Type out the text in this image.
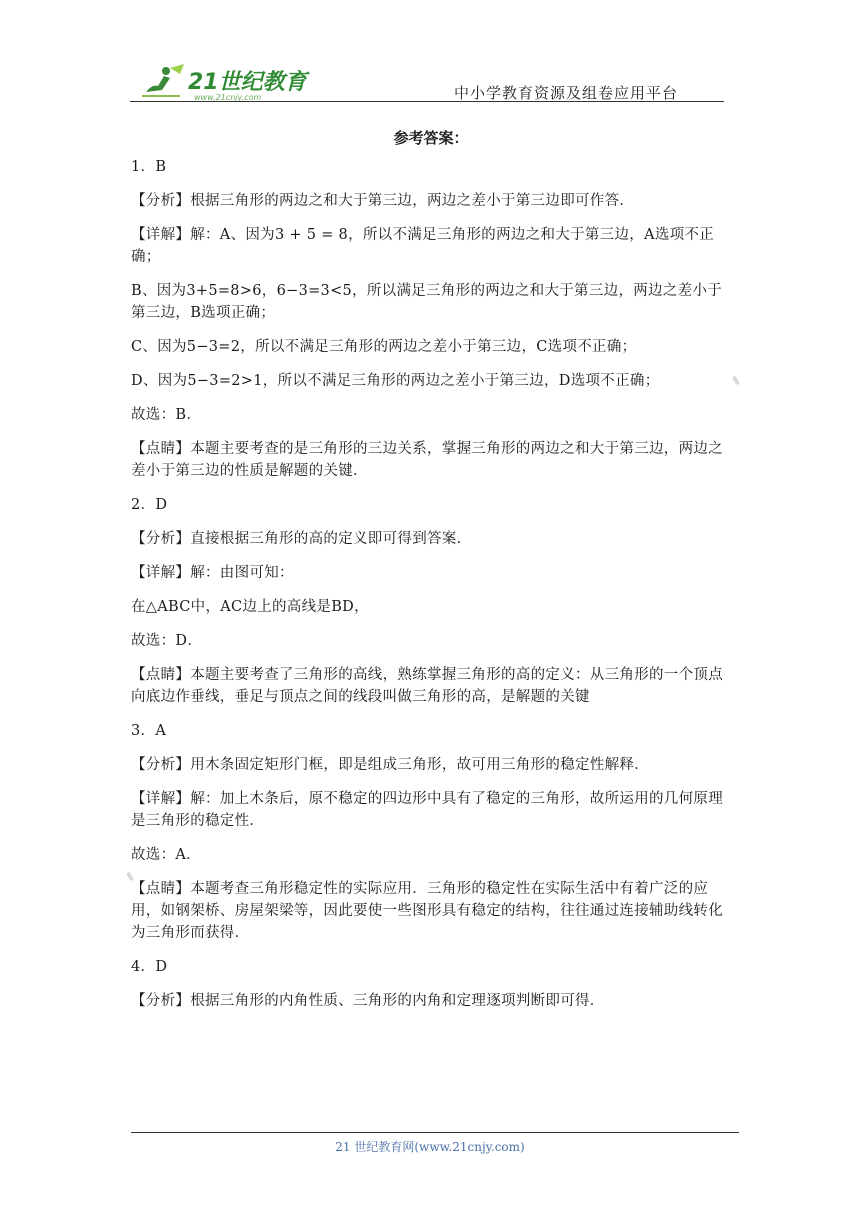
21世纪教育
www.21cnjy.com	中小学教育资源及组卷应用平台
参考答案：

1．B

【分析】根据三角形的两边之和大于第三边，两边之差小于第三边即可作答．

【详解】解：A、因为3 + 5 = 8，所以不满足三角形的两边之和大于第三边，A选项不正确；

B、因为3+5=8>6，6−3=3<5，所以满足三角形的两边之和大于第三边，两边之差小于第三边，B选项正确；

C、因为5−3=2，所以不满足三角形的两边之差小于第三边，C选项不正确；

D、因为5−3=2>1，所以不满足三角形的两边之差小于第三边，D选项不正确；

故选：B．

【点睛】本题主要考查的是三角形的三边关系，掌握三角形的两边之和大于第三边，两边之差小于第三边的性质是解题的关键．

2．D

【分析】直接根据三角形的高的定义即可得到答案．

【详解】解：由图可知：

在△ABC中，AC边上的高线是BD，

故选：D．

【点睛】本题主要考查了三角形的高线，熟练掌握三角形的高的定义：从三角形的一个顶点向底边作垂线，垂足与顶点之间的线段叫做三角形的高，是解题的关键

3．A

【分析】用木条固定矩形门框，即是组成三角形，故可用三角形的稳定性解释．

【详解】解：加上木条后，原不稳定的四边形中具有了稳定的三角形，故所运用的几何原理是三角形的稳定性．

故选：A．

【点睛】本题考查三角形稳定性的实际应用．三角形的稳定性在实际生活中有着广泛的应用，如钢架桥、房屋架梁等，因此要使一些图形具有稳定的结构，往往通过连接辅助线转化为三角形而获得．

4．D

【分析】根据三角形的内角性质、三角形的内角和定理逐项判断即可得．

21 世纪教育网(www.21cnjy.com)
